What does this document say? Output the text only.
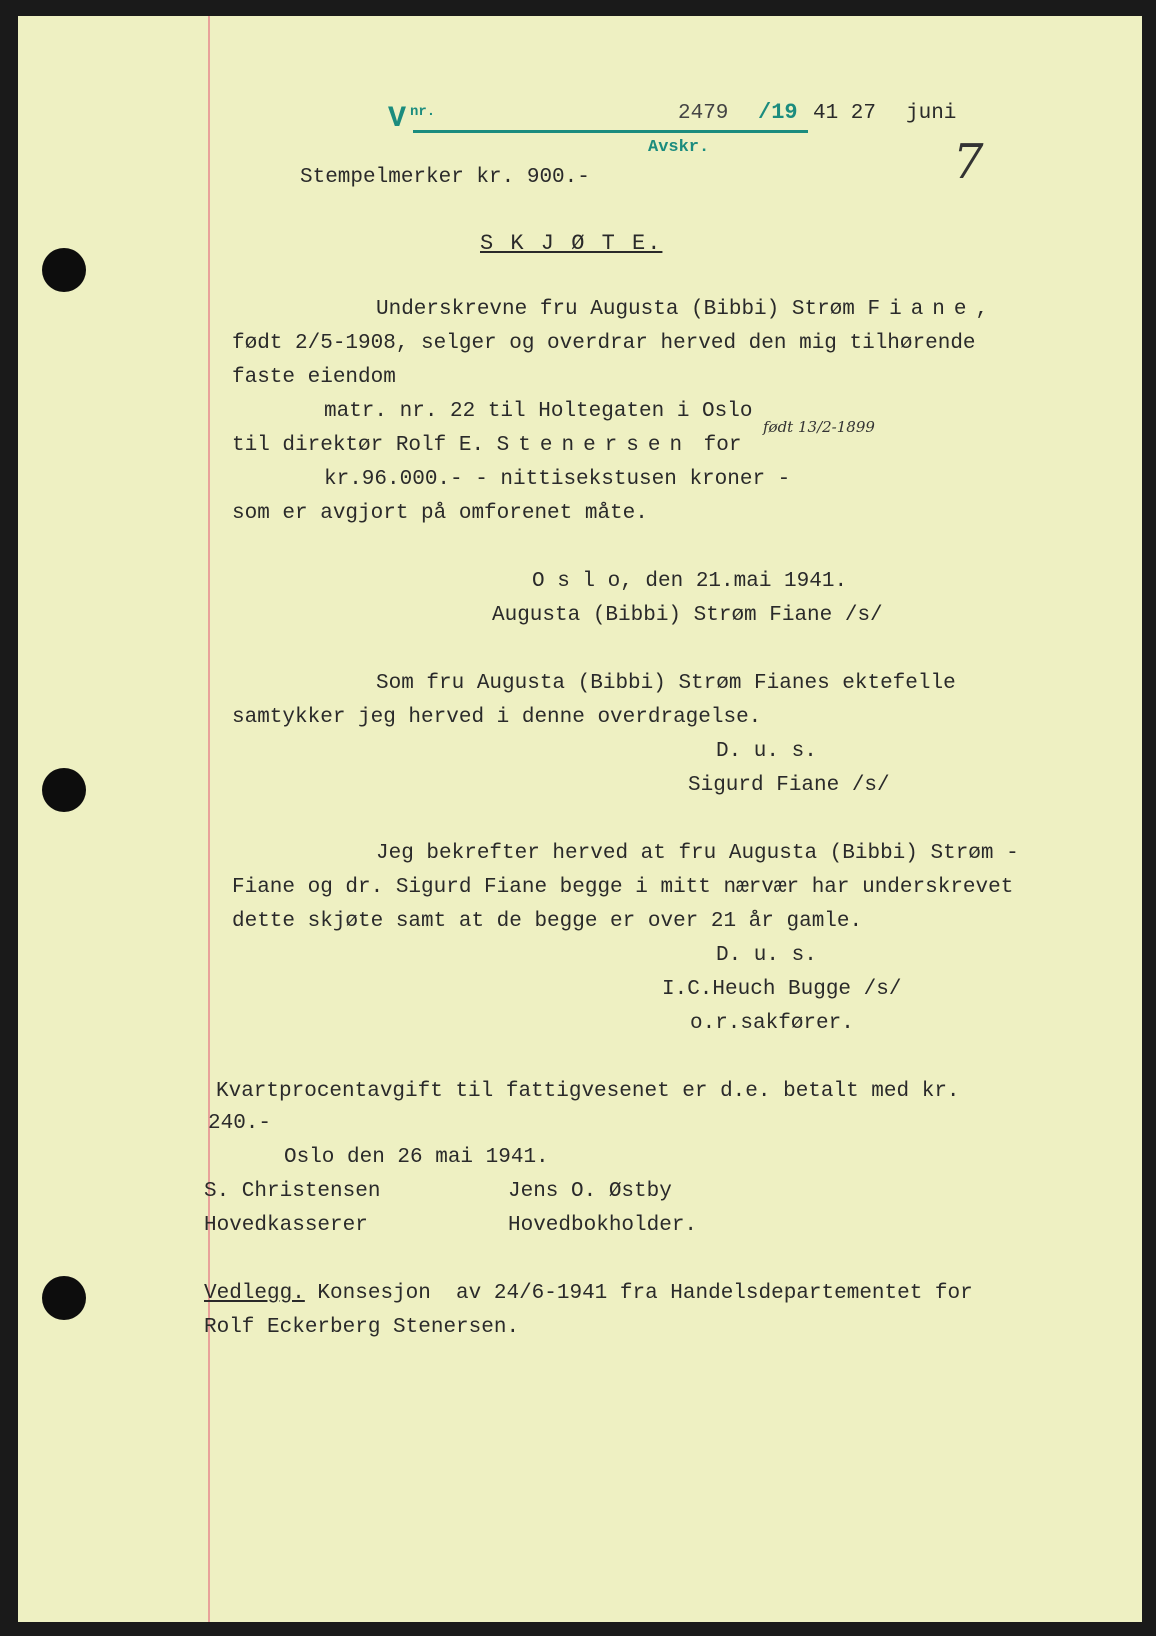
V nr.	2479 /19 41 27 juni
Avskr.	7
Stempelmerker kr. 900.-
S K J Ø T E.
Underskrevne fru Augusta (Bibbi) Strøm Fiane,
født 2/5-1908, selger og overdrar herved den mig tilhørende
faste eiendom
matr. nr. 22 til Holtegaten i Oslo
født 13/2-1899
til direktør Rolf E. Stenersen for
kr.96.000.- - nittisekstusen kroner -
som er avgjort på omforenet måte.
O s l o, den 21.mai 1941.
Augusta (Bibbi) Strøm Fiane /s/
Som fru Augusta (Bibbi) Strøm Fianes ektefelle
samtykker jeg herved i denne overdragelse.
D. u. s.
Sigurd Fiane /s/
Jeg bekrefter herved at fru Augusta (Bibbi) Strøm -
Fiane og dr. Sigurd Fiane begge i mitt nærvær har underskrevet
dette skjøte samt at de begge er over 21 år gamle.
D. u. s.
I.C.Heuch Bugge /s/
o.r.sakfører.
Kvartprocentavgift til fattigvesenet er d.e. betalt med kr.
240.-
Oslo den 26 mai 1941.
S. Christensen	Jens O. Østby
Hovedkasserer	Hovedbokholder.
Vedlegg. Konsesjon  av 24/6-1941 fra Handelsdepartementet for
Rolf Eckerberg Stenersen.
